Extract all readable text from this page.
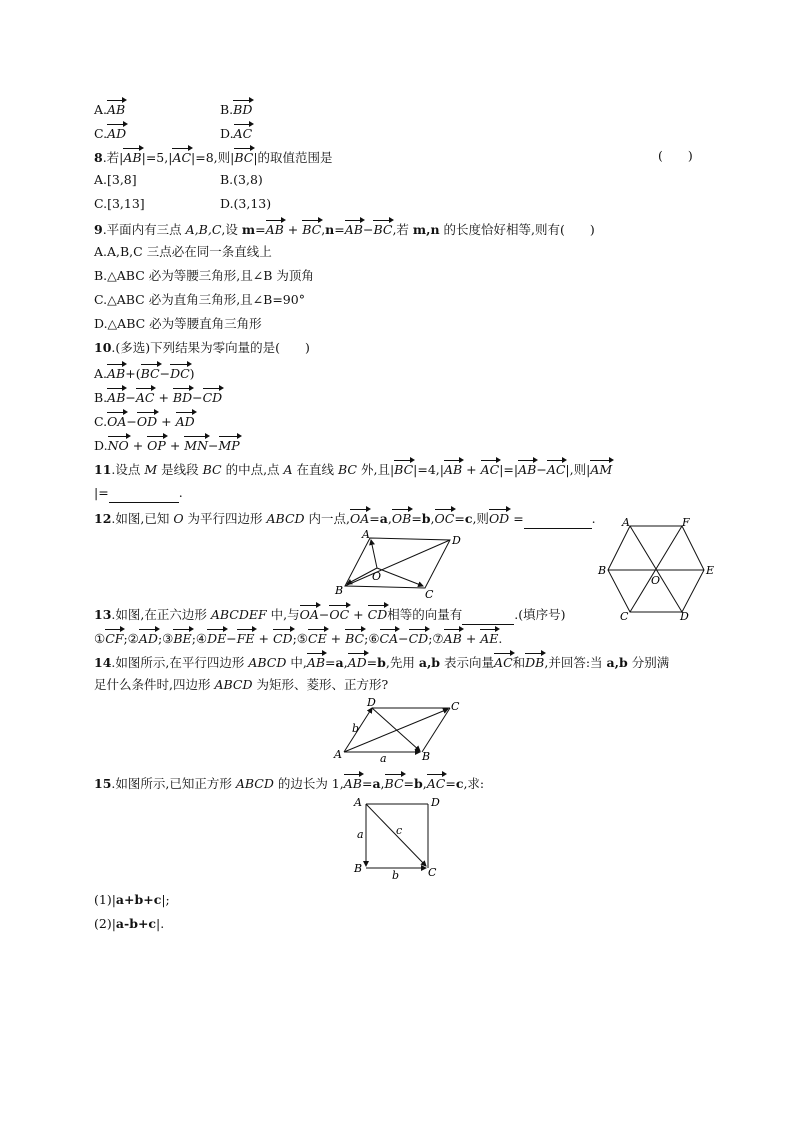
A.AB	B.BD
C.AD	D.AC
8.若|AB|=5,|AC|=8,则|BC|的取值范围是	(　　)
A.[3,8]	B.(3,8)
C.[3,13]	D.(3,13)
9.平面内有三点 A,B,C,设 m=AB + BC,n=AB−BC,若 m,n 的长度恰好相等,则有(　　)
A.A,B,C 三点必在同一条直线上
B.△ABC 必为等腰三角形,且∠B 为顶角
C.△ABC 必为直角三角形,且∠B=90°
D.△ABC 必为等腰直角三角形
10.(多选)下列结果为零向量的是(　　)
A.AB+(BC−DC)
B.AB−AC + BD−CD
C.OA−OD + AD
D.NO + OP + MN−MP
11.设点 M 是线段 BC 的中点,点 A 在直线 BC 外,且|BC|=4,|AB + AC|=|AB−AC|,则|AM
|=	.
12.如图,已知 O 为平行四边形 ABCD 内一点,OA=a,OB=b,OC=c,则OD =	.
A
B	C
D
O
A	F
B	E
C	D
O
13.如图,在正六边形 ABCDEF 中,与OA−OC + CD相等的向量有	.(填序号)
①CF;②AD;③BE;④DE−FE + CD;⑤CE + BC;⑥CA−CD;⑦AB + AE.
14.如图所示,在平行四边形 ABCD 中,AB=a,AD=b,先用 a,b 表示向量AC和DB,并回答:当 a,b 分别满
足什么条件时,四边形 ABCD 为矩形、菱形、正方形?
A	B
C
D
a
b
15.如图所示,已知正方形 ABCD 的边长为 1,AB=a,BC=b,AC=c,求:
A	D
B	C
a
b
c
(1)|a+b+c|;
(2)|a-b+c|.
